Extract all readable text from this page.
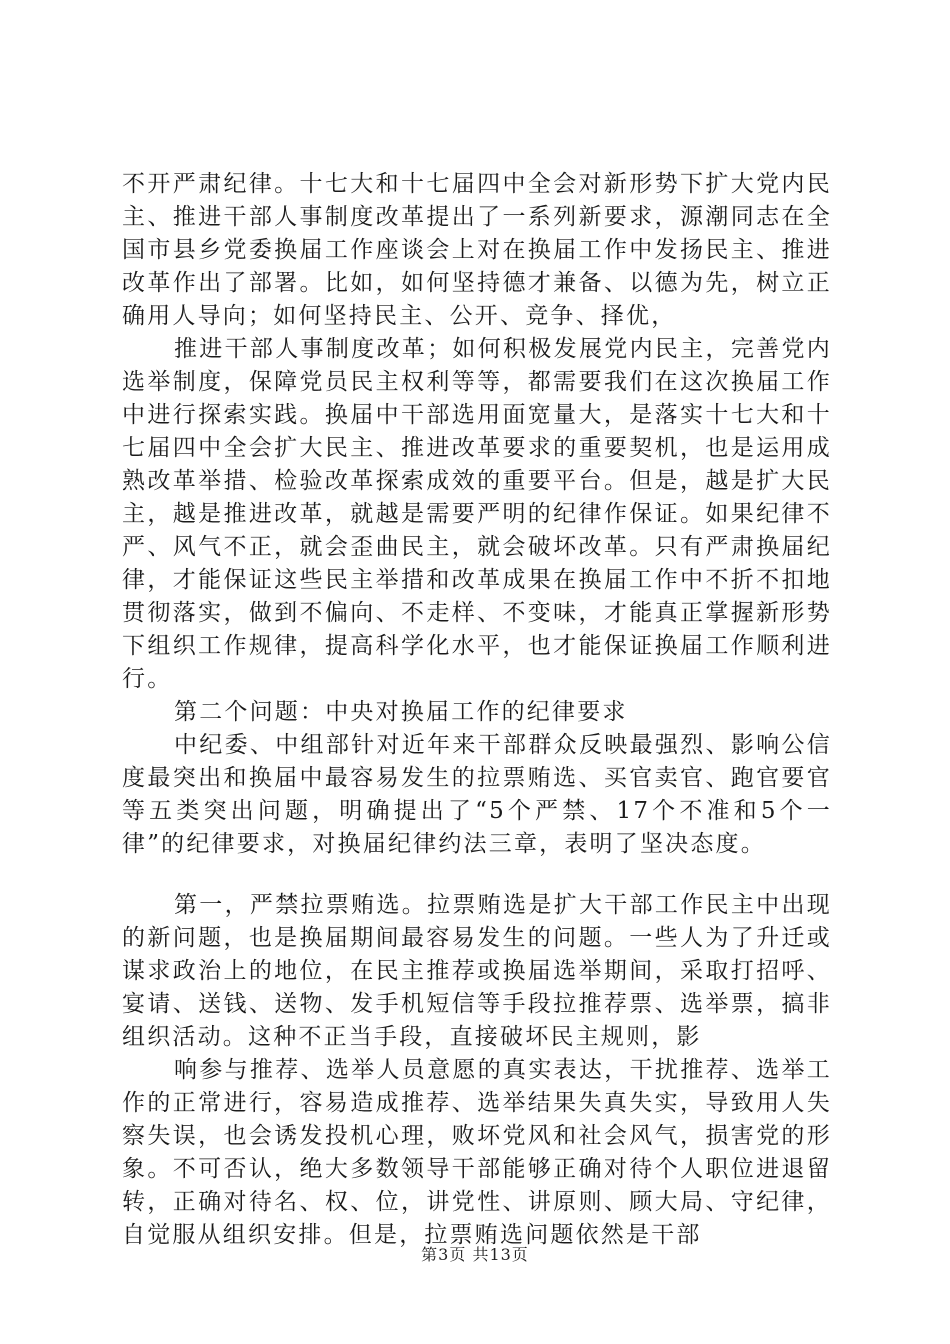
不开严肃纪律。十七大和十七届四中全会对新形势下扩大党内民主、推进干部人事制度改革提出了一系列新要求，源潮同志在全国市县乡党委换届工作座谈会上对在换届工作中发扬民主、推进改革作出了部署。比如，如何坚持德才兼备、以德为先，树立正确用人导向；如何坚持民主、公开、竞争、择优，

推进干部人事制度改革；如何积极发展党内民主，完善党内选举制度，保障党员民主权利等等，都需要我们在这次换届工作中进行探索实践。换届中干部选用面宽量大，是落实十七大和十七届四中全会扩大民主、推进改革要求的重要契机，也是运用成熟改革举措、检验改革探索成效的重要平台。但是，越是扩大民主，越是推进改革，就越是需要严明的纪律作保证。如果纪律不严、风气不正，就会歪曲民主，就会破坏改革。只有严肃换届纪律，才能保证这些民主举措和改革成果在换届工作中不折不扣地贯彻落实，做到不偏向、不走样、不变味，才能真正掌握新形势下组织工作规律，提高科学化水平，也才能保证换届工作顺利进行。

第二个问题：中央对换届工作的纪律要求

中纪委、中组部针对近年来干部群众反映最强烈、影响公信度最突出和换届中最容易发生的拉票贿选、买官卖官、跑官要官等五类突出问题，明确提出了“5个严禁、17个不准和5个一律”的纪律要求，对换届纪律约法三章，表明了坚决态度。

第一，严禁拉票贿选。拉票贿选是扩大干部工作民主中出现的新问题，也是换届期间最容易发生的问题。一些人为了升迁或谋求政治上的地位，在民主推荐或换届选举期间，采取打招呼、宴请、送钱、送物、发手机短信等手段拉推荐票、选举票，搞非组织活动。这种不正当手段，直接破坏民主规则，影

响参与推荐、选举人员意愿的真实表达，干扰推荐、选举工作的正常进行，容易造成推荐、选举结果失真失实，导致用人失察失误，也会诱发投机心理，败坏党风和社会风气，损害党的形象。不可否认，绝大多数领导干部能够正确对待个人职位进退留转，正确对待名、权、位，讲党性、讲原则、顾大局、守纪律，自觉服从组织安排。但是，拉票贿选问题依然是干部

第3页 共13页
